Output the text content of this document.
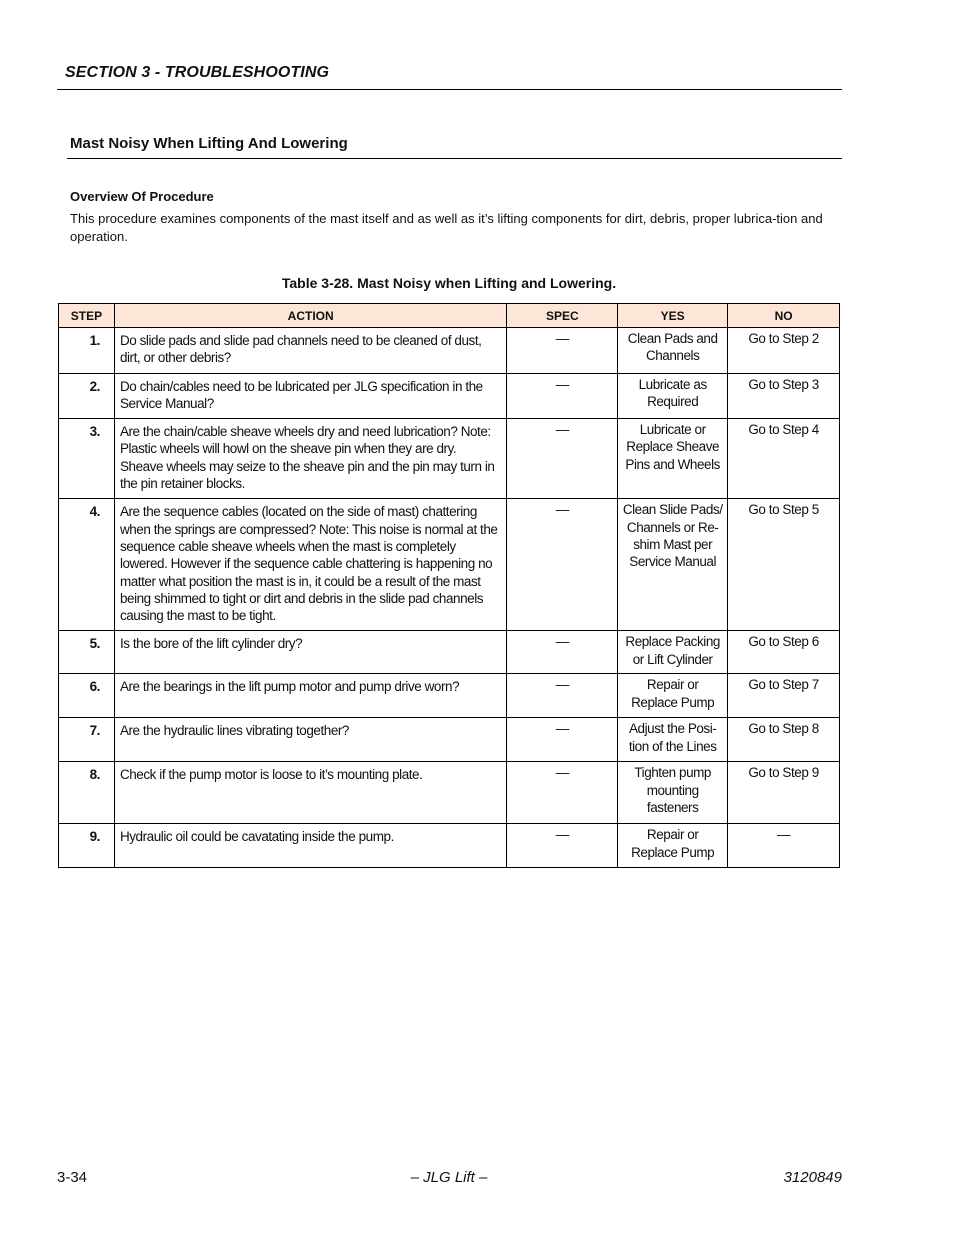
SECTION 3 - TROUBLESHOOTING
Mast Noisy When Lifting And Lowering
Overview Of Procedure
This procedure examines components of the mast itself and as well as it’s lifting components for dirt, debris, proper lubrica-tion and operation.
Table 3-28. Mast Noisy when Lifting and Lowering.
STEP	ACTION	SPEC	YES	NO
1.	Do slide pads and slide pad channels need to be cleaned of dust, dirt, or other debris?	—	Clean Pads and Channels	Go to Step 2
2.	Do chain/cables need to be lubricated per JLG specification in the Service Manual?	—	Lubricate as Required	Go to Step 3
3.	Are the chain/cable sheave wheels dry and need lubrication? Note: Plastic wheels will howl on the sheave pin when they are dry. Sheave wheels may seize to the sheave pin and the pin may turn in the pin retainer blocks.	—	Lubricate or Replace Sheave Pins and Wheels	Go to Step 4
4.	Are the sequence cables (located on the side of mast) chattering when the springs are compressed? Note: This noise is normal at the sequence cable sheave wheels when the mast is completely lowered. However if the sequence cable chattering is happening no matter what position the mast is in, it could be a result of the mast being shimmed to tight or dirt and debris in the slide pad channels causing the mast to be tight.	—	Clean Slide Pads/ Channels or Re-shim Mast per Service Manual	Go to Step 5
5.	Is the bore of the lift cylinder dry?	—	Replace Packing or Lift Cylinder	Go to Step 6
6.	Are the bearings in the lift pump motor and pump drive worn?	—	Repair or Replace Pump	Go to Step 7
7.	Are the hydraulic lines vibrating together?	—	Adjust the Posi-tion of the Lines	Go to Step 8
8.	Check if the pump motor is loose to it’s mounting plate.	—	Tighten pump mounting fasteners	Go to Step 9
9.	Hydraulic oil could be cavatating inside the pump.	—	Repair or Replace Pump	—
3-34	– JLG Lift –	3120849
